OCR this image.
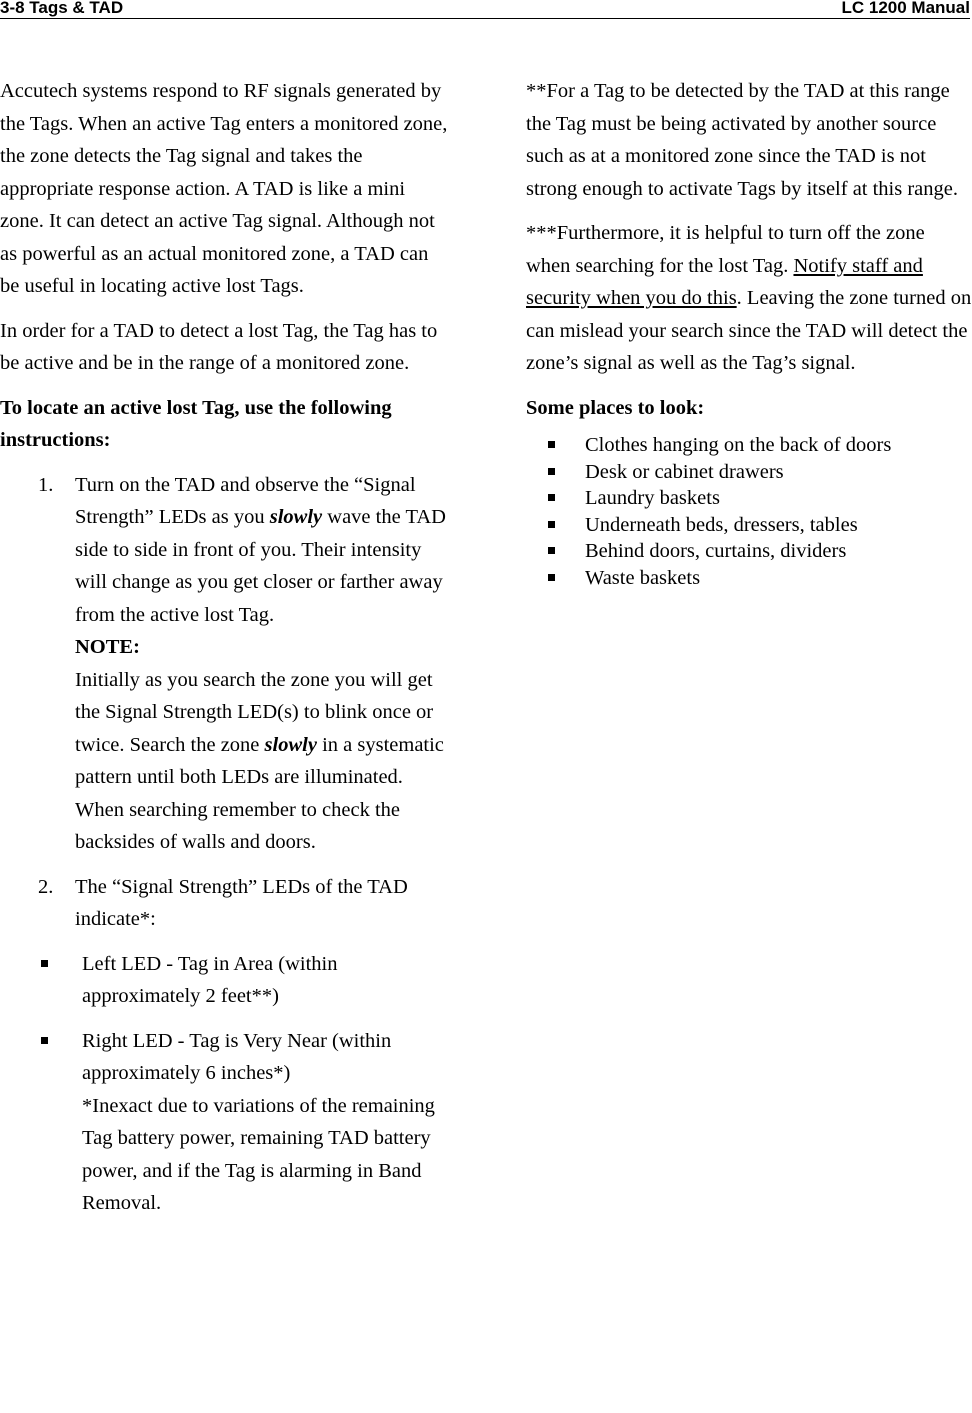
3-8 Tags & TAD	LC 1200 Manual

Accutech systems respond to RF signals generated by the Tags. When an active Tag enters a monitored zone, the zone detects the Tag signal and takes the appropriate response action. A TAD is like a mini zone. It can detect an active Tag signal. Although not as powerful as an actual monitored zone, a TAD can be useful in locating active lost Tags.

In order for a TAD to detect a lost Tag, the Tag has to be active and be in the range of a monitored zone.

To locate an active lost Tag, use the following instructions:

1. Turn on the TAD and observe the “Signal Strength” LEDs as you slowly wave the TAD side to side in front of you. Their intensity will change as you get closer or farther away from the active lost Tag.
NOTE:
Initially as you search the zone you will get the Signal Strength LED(s) to blink once or twice. Search the zone slowly in a systematic pattern until both LEDs are illuminated. When searching remember to check the backsides of walls and doors.
2. The “Signal Strength” LEDs of the TAD indicate*:
Left LED - Tag in Area (within approximately 2 feet**)
Right LED - Tag is Very Near (within approximately 6 inches*)
*Inexact due to variations of the remaining Tag battery power, remaining TAD battery power, and if the Tag is alarming in Band Removal.

**For a Tag to be detected by the TAD at this range the Tag must be being activated by another source such as at a monitored zone since the TAD is not strong enough to activate Tags by itself at this range.

***Furthermore, it is helpful to turn off the zone when searching for the lost Tag. Notify staff and security when you do this. Leaving the zone turned on can mislead your search since the TAD will detect the zone’s signal as well as the Tag’s signal.

Some places to look:

Clothes hanging on the back of doors
Desk or cabinet drawers
Laundry baskets
Underneath beds, dressers, tables
Behind doors, curtains, dividers
Waste baskets
